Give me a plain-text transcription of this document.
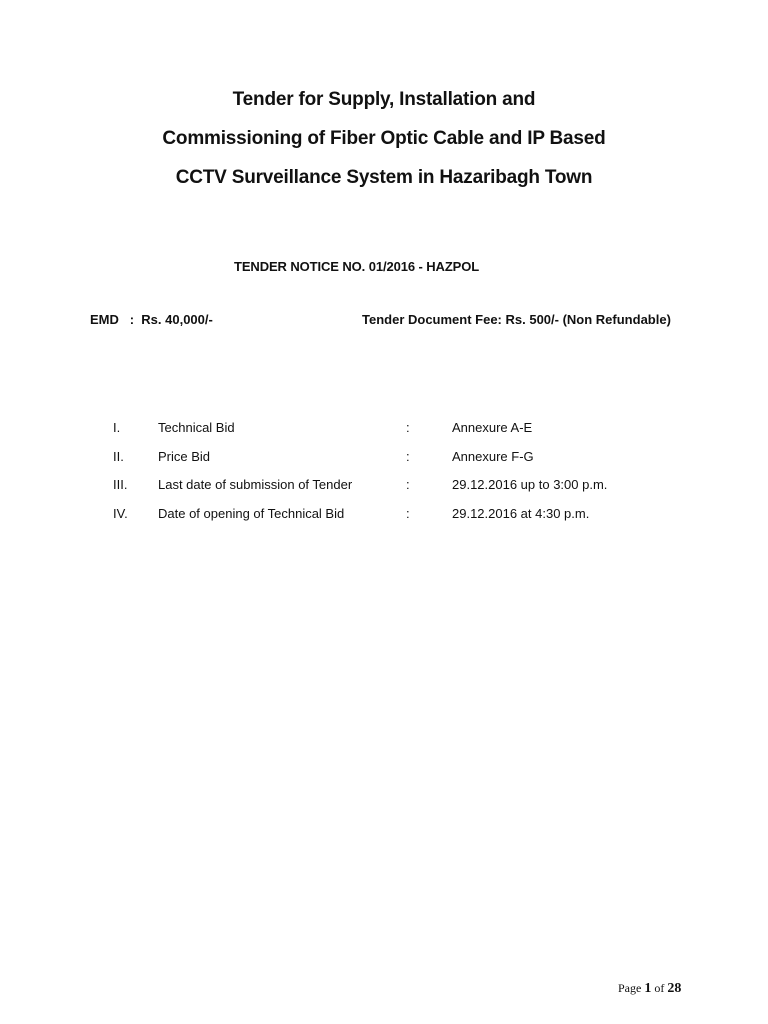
Tender for Supply, Installation and
Commissioning of Fiber Optic Cable and IP Based
CCTV Surveillance System in Hazaribagh Town
TENDER NOTICE NO. 01/2016 - HAZPOL
EMD   :  Rs. 40,000/-	Tender Document Fee: Rs. 500/- (Non Refundable)
I.	Technical Bid	:	Annexure A-E
II.	Price Bid	:	Annexure F-G
III. Last date of submission of Tender	:	29.12.2016 up to 3:00 p.m.
IV. Date of opening of Technical Bid	:	29.12.2016 at 4:30 p.m.
Page 1 of 28
